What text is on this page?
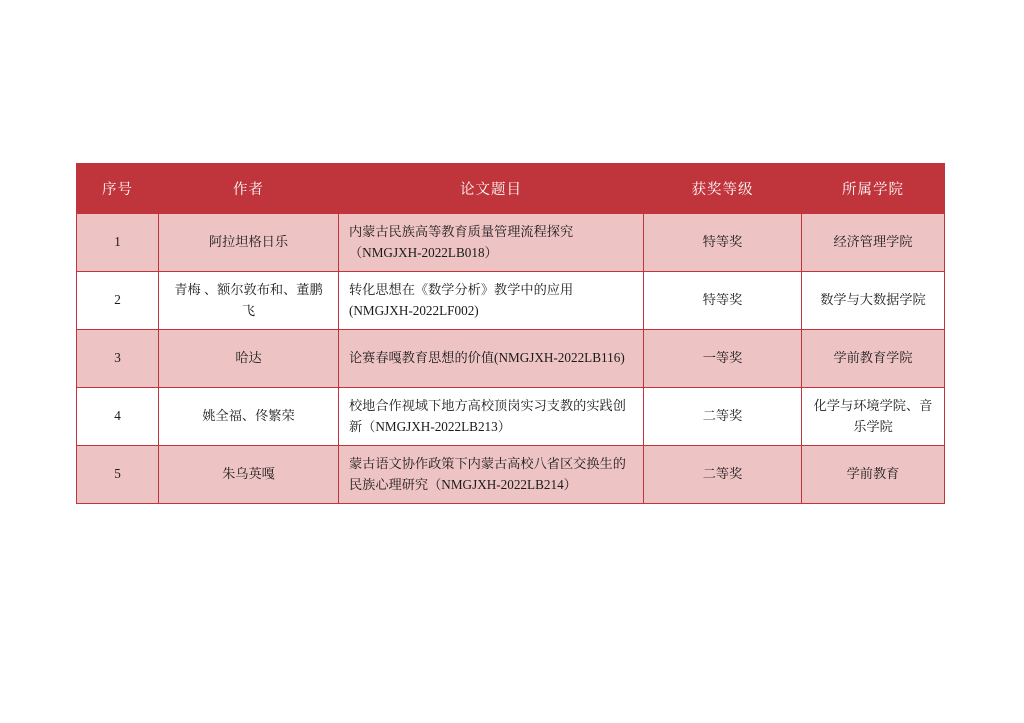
序号	作者	论文题目	获奖等级	所属学院
1	阿拉坦格日乐	内蒙古民族高等教育质量管理流程探究（NMGJXH-2022LB018）	特等奖	经济管理学院
2	青梅 、额尔敦布和、董鹏飞	转化思想在《数学分析》教学中的应用(NMGJXH-2022LF002)	特等奖	数学与大数据学院
3	哈达	论赛春嘎教育思想的价值(NMGJXH-2022LB116)	一等奖	学前教育学院
4	姚全福、佟繁荣	校地合作视域下地方高校顶岗实习支教的实践创新（NMGJXH-2022LB213）	二等奖	化学与环境学院、音乐学院
5	朱乌英嘎	蒙古语文协作政策下内蒙古高校八省区交换生的民族心理研究（NMGJXH-2022LB214）	二等奖	学前教育
